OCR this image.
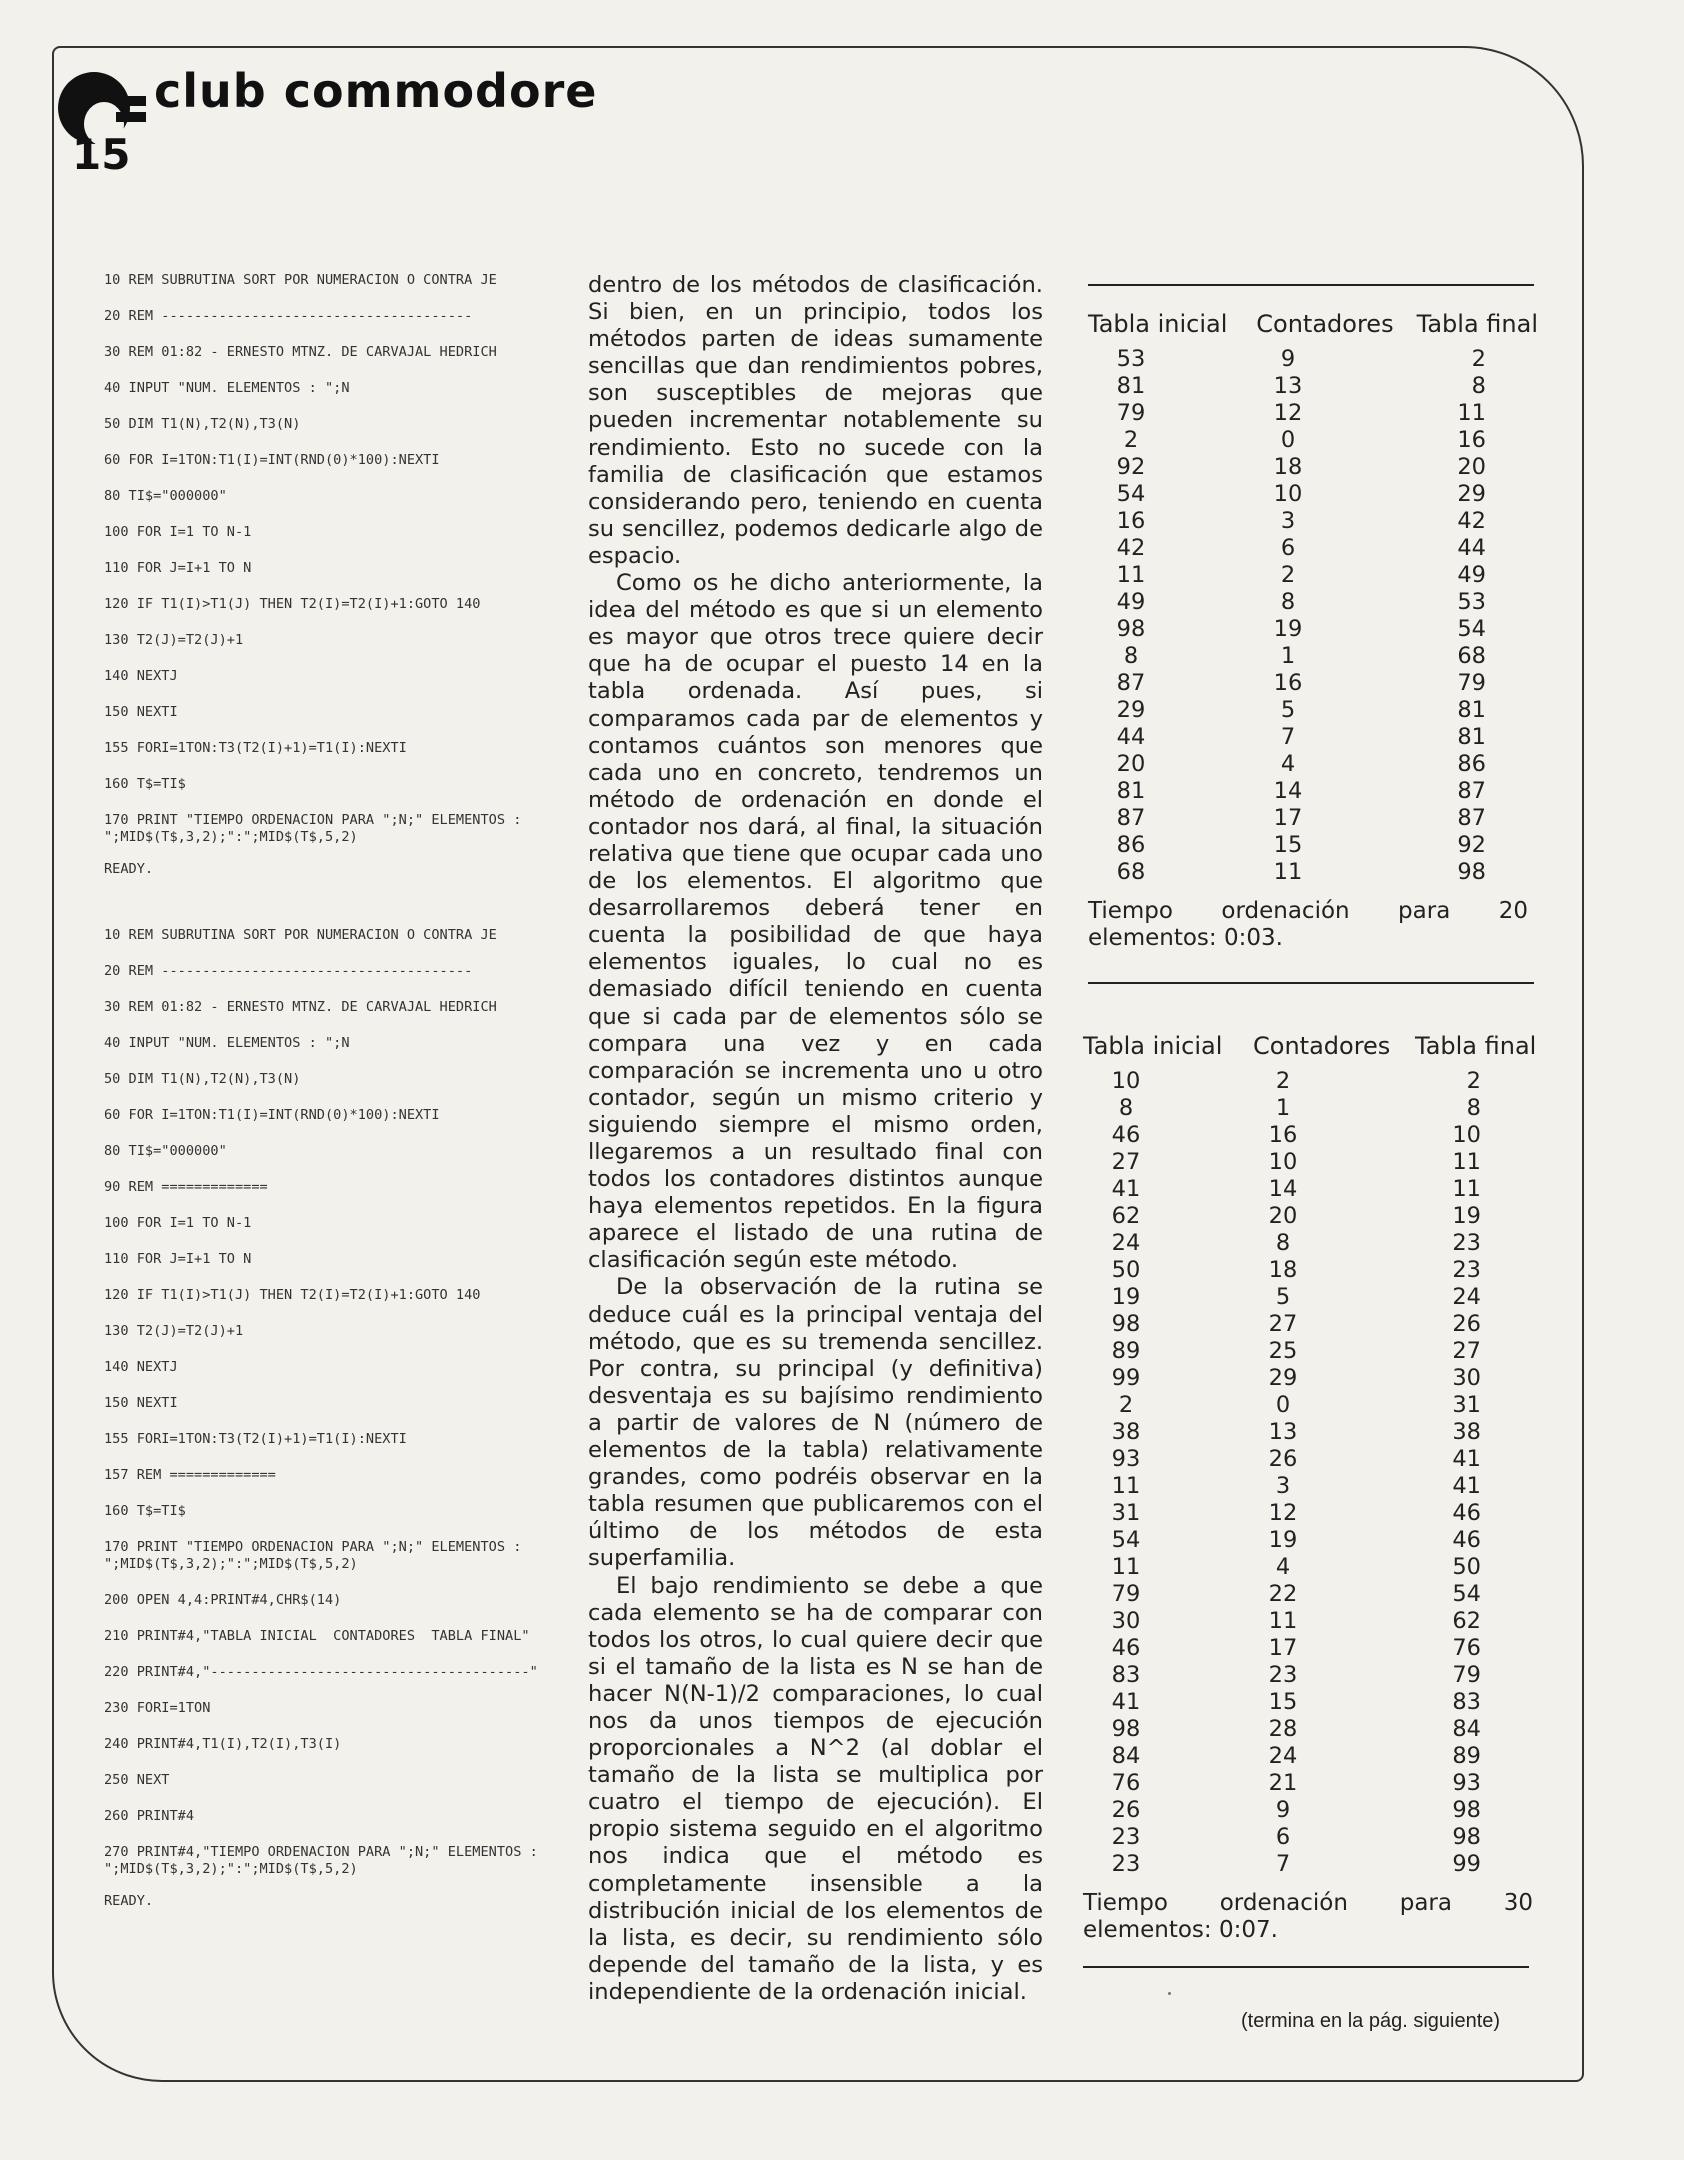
club commodore
15
10 REM SUBRUTINA SORT POR NUMERACION O CONTRA JE
20 REM --------------------------------------
30 REM 01:82 - ERNESTO MTNZ. DE CARVAJAL HEDRICH
40 INPUT "NUM. ELEMENTOS : ";N
50 DIM T1(N),T2(N),T3(N)
60 FOR I=1TON:T1(I)=INT(RND(0)*100):NEXTI
80 TI$="000000"
100 FOR I=1 TO N-1
110 FOR J=I+1 TO N
120 IF T1(I)>T1(J) THEN T2(I)=T2(I)+1:GOTO 140
130 T2(J)=T2(J)+1
140 NEXTJ
150 NEXTI
155 FORI=1TON:T3(T2(I)+1)=T1(I):NEXTI
160 T$=TI$
170 PRINT "TIEMPO ORDENACION PARA ";N;" ELEMENTOS : ";MID$(T$,3,2);":";MID$(T$,5,2)
READY.
10 REM SUBRUTINA SORT POR NUMERACION O CONTRA JE
20 REM --------------------------------------
30 REM 01:82 - ERNESTO MTNZ. DE CARVAJAL HEDRICH
40 INPUT "NUM. ELEMENTOS : ";N
50 DIM T1(N),T2(N),T3(N)
60 FOR I=1TON:T1(I)=INT(RND(0)*100):NEXTI
80 TI$="000000"
90 REM =============
100 FOR I=1 TO N-1
110 FOR J=I+1 TO N
120 IF T1(I)>T1(J) THEN T2(I)=T2(I)+1:GOTO 140
130 T2(J)=T2(J)+1
140 NEXTJ
150 NEXTI
155 FORI=1TON:T3(T2(I)+1)=T1(I):NEXTI
157 REM =============
160 T$=TI$
170 PRINT "TIEMPO ORDENACION PARA ";N;" ELEMENTOS : ";MID$(T$,3,2);":";MID$(T$,5,2)
200 OPEN 4,4:PRINT#4,CHR$(14)
210 PRINT#4,"TABLA INICIAL  CONTADORES  TABLA FINAL"
220 PRINT#4,"---------------------------------------"
230 FORI=1TON
240 PRINT#4,T1(I),T2(I),T3(I)
250 NEXT
260 PRINT#4
270 PRINT#4,"TIEMPO ORDENACION PARA ";N;" ELEMENTOS : ";MID$(T$,3,2);":";MID$(T$,5,2)
READY.

dentro de los métodos de clasificación. Si bien, en un principio, todos los métodos parten de ideas sumamente sencillas que dan rendimientos pobres, son susceptibles de mejoras que pueden incrementar notablemente su rendimiento. Esto no sucede con la familia de clasificación que estamos considerando pero, teniendo en cuenta su sencillez, podemos dedicarle algo de espacio.

Como os he dicho anteriormente, la idea del método es que si un elemento es mayor que otros trece quiere decir que ha de ocupar el puesto 14 en la tabla ordenada. Así pues, si comparamos cada par de elementos y contamos cuántos son menores que cada uno en concreto, tendremos un método de ordenación en donde el contador nos dará, al final, la situación relativa que tiene que ocupar cada uno de los elementos. El algoritmo que desarrollaremos deberá tener en cuenta la posibilidad de que haya elementos iguales, lo cual no es demasiado difícil teniendo en cuenta que si cada par de elementos sólo se compara una vez y en cada comparación se incrementa uno u otro contador, según un mismo criterio y siguiendo siempre el mismo orden, llegaremos a un resultado final con todos los contadores distintos aunque haya elementos repetidos. En la figura aparece el listado de una rutina de clasificación según este método.

De la observación de la rutina se deduce cuál es la principal ventaja del método, que es su tremenda sencillez. Por contra, su principal (y definitiva) desventaja es su bajísimo rendimiento a partir de valores de N (número de elementos de la tabla) relativamente grandes, como podréis observar en la tabla resumen que publicaremos con el último de los métodos de esta superfamilia.

El bajo rendimiento se debe a que cada elemento se ha de comparar con todos los otros, lo cual quiere decir que si el tamaño de la lista es N se han de hacer N(N-1)/2 comparaciones, lo cual nos da unos tiempos de ejecución proporcionales a N^2 (al doblar el tamaño de la lista se multiplica por cuatro el tiempo de ejecución). El propio sistema seguido en el algoritmo nos indica que el método es completamente insensible a la distribución inicial de los elementos de la lista, es decir, su rendimiento sólo depende del tamaño de la lista, y es independiente de la ordenación inicial.

Tabla inicial	Contadores Tabla final
53	9	2
81	13	8
79	12	11
2	0	16
92	18	20
54	10	29
16	3	42
42	6	44
11	2	49
49	8	53
98	19	54
8	1	68
87	16	79
29	5	81
44	7	81
20	4	86
81	14	87
87	17	87
86	15	92
68	11	98
Tiempo ordenación para 20 elementos: 0:03.
Tabla inicial	Contadores	Tabla final
10	2	2
8	1	8
46	16	10
27	10	11
41	14	11
62	20	19
24	8	23
50	18	23
19	5	24
98	27	26
89	25	27
99	29	30
2	0	31
38	13	38
93	26	41
11	3	41
31	12	46
54	19	46
11	4	50
79	22	54
30	11	62
46	17	76
83	23	79
41	15	83
98	28	84
84	24	89
76	21	93
26	9	98
23	6	98
23	7	99
Tiempo ordenación para 30 elementos: 0:07.
(termina en la pág. siguiente)
